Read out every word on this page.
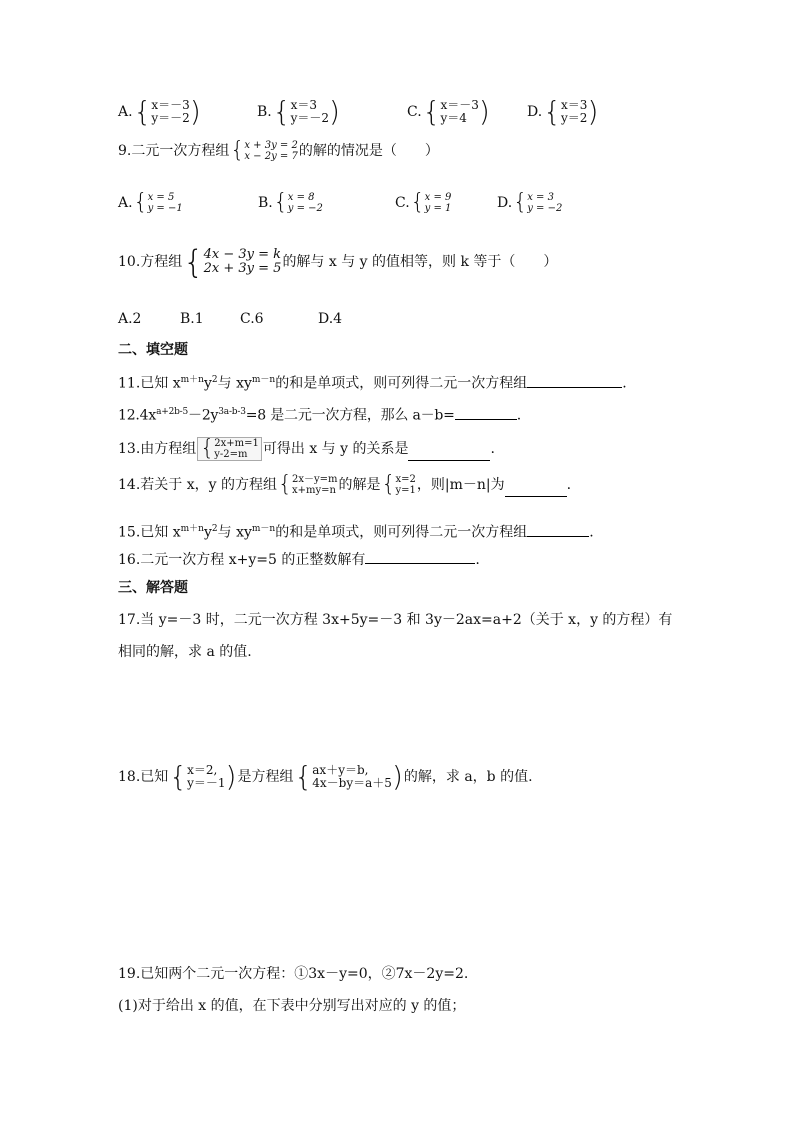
A. { x＝－3
y＝－2 )	B. { x＝3
y＝－2 )	C. { x＝－3
y＝4 )	D. { x＝3
y＝2 )
9.二元一次方程组 { x + 3y = 2
x − 2y = 7 的解的情况是（　　）
A. { x = 5
y = −1	B. { x = 8
y = −2	C. { x = 9
y = 1	D. { x = 3
y = −2
10.方程组 { 4x − 3y = k
2x + 3y = 5 的解与 x 与 y 的值相等，则 k 等于（　　）
A.2	B.1	C.6	D.4
二、填空题
11.已知 $x^{m+n}y^2$与 $xy^{m-n}$的和是单项式，则可列得二元一次方程组	.
$12.4x^{a+2b-5}-2y^{3a-b-3}=8$ 是二元一次方程，那么 a－b=	.
13.由方程组 { 2x+m=1
y-2=m	可得出 x 与 y 的关系是	.
14.若关于 x，y 的方程组 { 2x－y=m
x+my=n 的解是 { x=2
y=1 ，则|m－n|为	.
15.已知 $x^{m+n}y^2$与 $xy^{m-n}$的和是单项式，则可列得二元一次方程组	.
16.二元一次方程 x+y=5 的正整数解有	.
三、解答题
17.当 y=－3 时，二元一次方程 3x+5y=－3 和 3y－2ax=a+2（关于 x，y 的方程）有
相同的解，求 a 的值.
18.已知 { x＝2,
y＝－1 ) 是方程组 { ax＋y＝b,
4x－by＝a＋5 ) 的解，求 a，b 的值.
19.已知两个二元一次方程：①3x－y=0，②7x－2y=2.
(1)对于给出 x 的值，在下表中分别写出对应的 y 的值；
